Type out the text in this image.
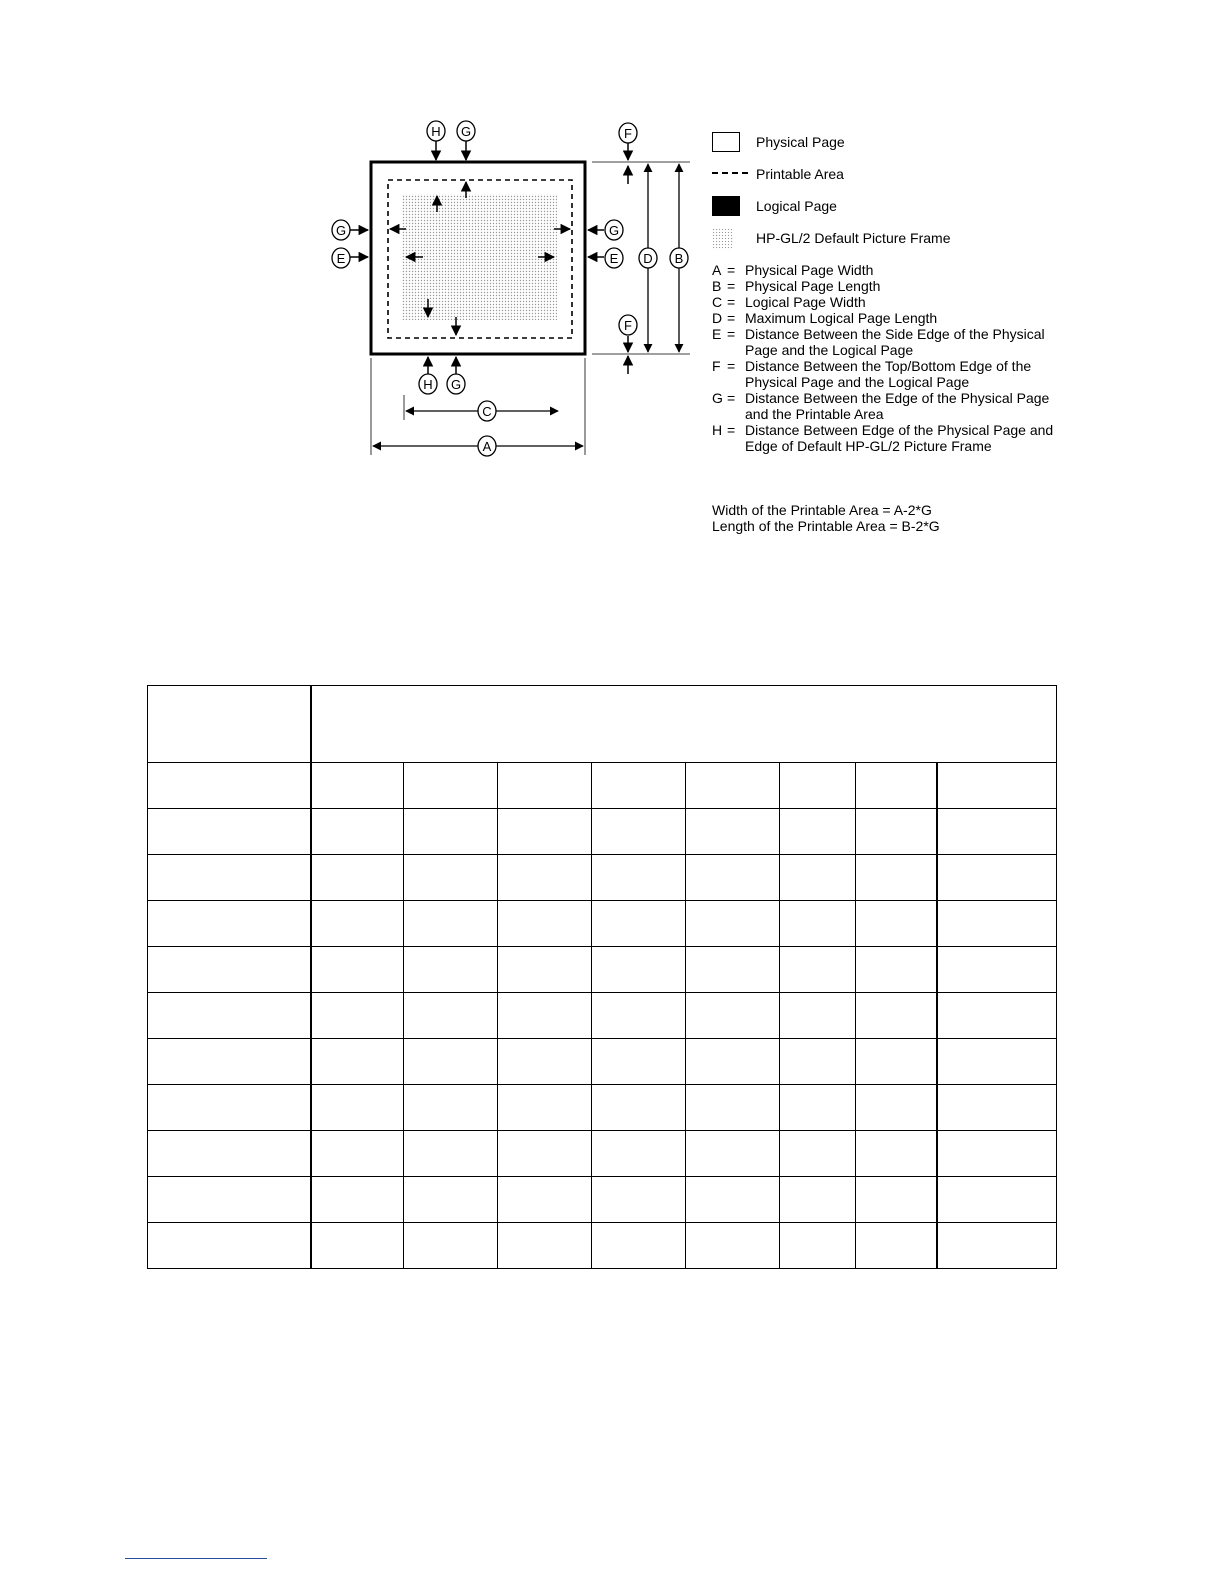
H G	F
G
E
G
E D B
F
H G
C
A
Physical Page
Printable Area
Logical Page
HP-GL/2 Default Picture Frame
A = Physical Page Width
B = Physical Page Length
C = Logical Page Width
D = Maximum Logical Page Length
E = Distance Between the Side Edge of the Physical Page and the Logical Page
F = Distance Between the Top/Bottom Edge of the Physical Page and the Logical Page
G = Distance Between the Edge of the Physical Page and the Printable Area
H = Distance Between Edge of the Physical Page and Edge of Default HP-GL/2 Picture Frame
Width of the Printable Area = A-2*G
Length of the Printable Area = B-2*G
